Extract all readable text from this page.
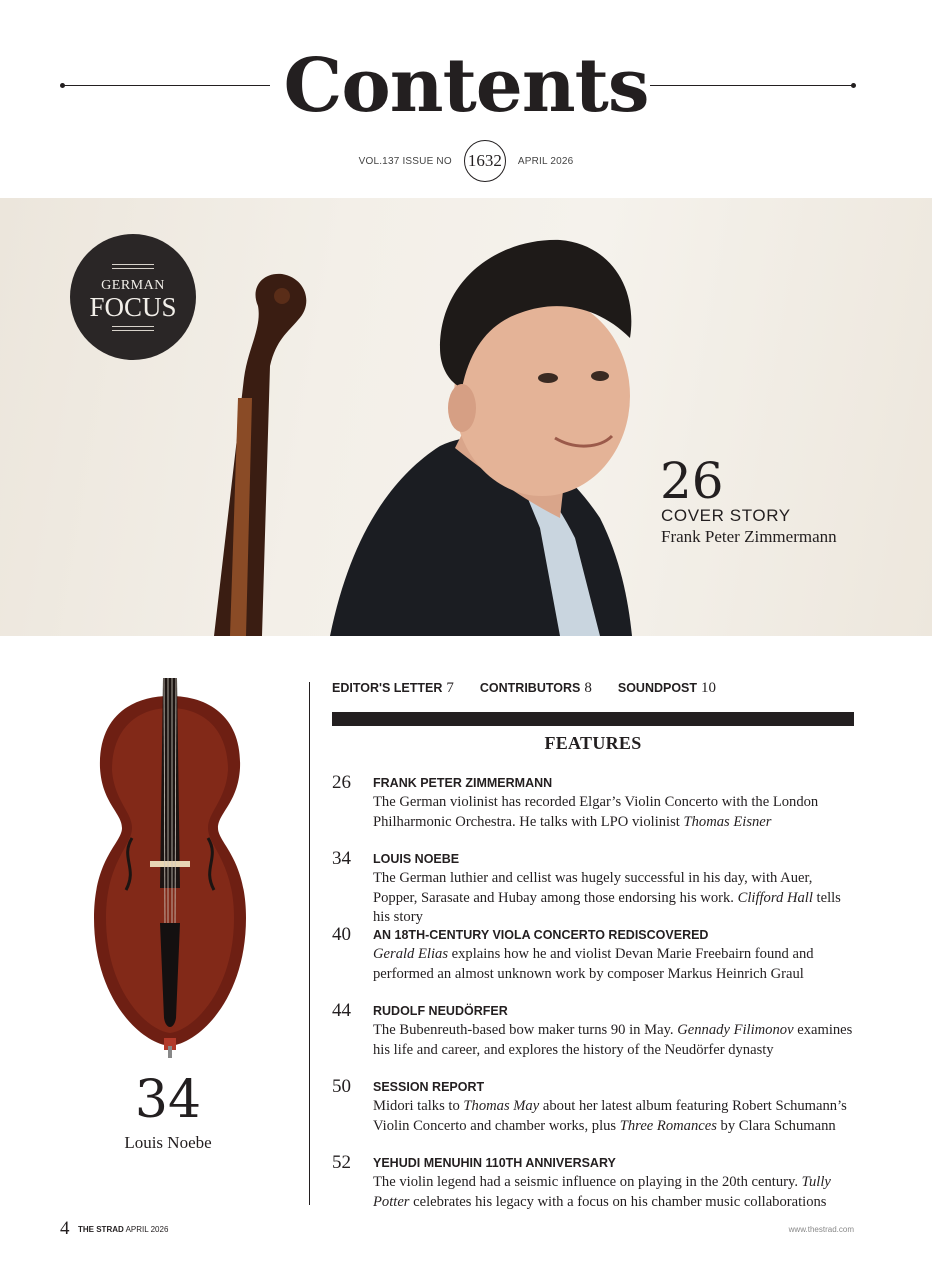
Contents
VOL.137 ISSUE NO 1632	APRIL 2026
GERMAN
FOCUS
26
COVER STORY
Frank Peter Zimmermann
34
Louis Noebe
EDITOR'S LETTER 7 CONTRIBUTORS 8 SOUNDPOST 10
FEATURES
26	FRANK PETER ZIMMERMANN
The German violinist has recorded Elgar’s Violin Concerto with the London Philharmonic Orchestra. He talks with LPO violinist Thomas Eisner
34	LOUIS NOEBE
The German luthier and cellist was hugely successful in his day, with Auer, Popper, Sarasate and Hubay among those endorsing his work. Clifford Hall tells his story
40	AN 18TH-CENTURY VIOLA CONCERTO REDISCOVERED
Gerald Elias explains how he and violist Devan Marie Freebairn found and performed an almost unknown work by composer Markus Heinrich Graul
44	RUDOLF NEUDÖRFER
The Bubenreuth-based bow maker turns 90 in May. Gennady Filimonov examines his life and career, and explores the history of the Neudörfer dynasty
50	SESSION REPORT
Midori talks to Thomas May about her latest album featuring Robert Schumann’s Violin Concerto and chamber works, plus Three Romances by Clara Schumann
52	YEHUDI MENUHIN 110TH ANNIVERSARY
The violin legend had a seismic influence on playing in the 20th century. Tully Potter celebrates his legacy with a focus on his chamber music collaborations
4 THE STRAD APRIL 2026	www.thestrad.com
